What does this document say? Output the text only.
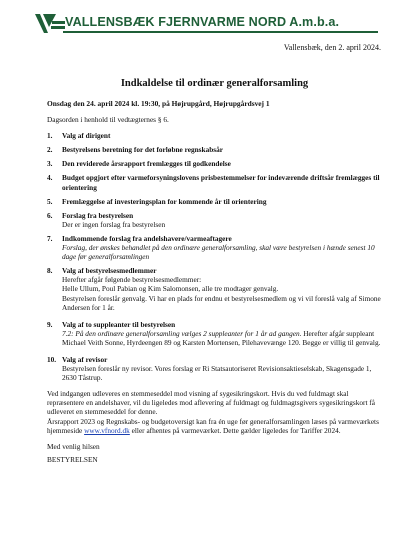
VALLENSBÆK FJERNVARME NORD A.m.b.a.
Vallensbæk, den 2. april 2024.
Indkaldelse til ordinær generalforsamling
Onsdag den 24. april 2024 kl. 19:30, på Højrupgård, Højrupgårdsvej 1
Dagsorden i henhold til vedtægternes § 6.
1. Valg af dirigent
2. Bestyrelsens beretning for det forløbne regnskabsår
3. Den reviderede årsrapport fremlægges til godkendelse
4. Budget opgjort efter varmeforsyningslovens prisbestemmelser for indeværende driftsår fremlægges til orientering
5. Fremlæggelse af investeringsplan for kommende år til orientering
6. Forslag fra bestyrelsen
Der er ingen forslag fra bestyrelsen
7. Indkommende forslag fra andelshavere/varmeaftagere
Forslag, der ønskes behandlet på den ordinære generalforsamling, skal være bestyrelsen i hænde senest 10 dage før generalforsamlingen
8. Valg af bestyrelsesmedlemmer
Herefter afgår følgende bestyrelsesmedlemmer:
Helle Ullum, Poul Pabian og Kim Salomonsen, alle tre modtager genvalg.
Bestyrelsen foreslår genvalg. Vi har en plads for endnu et bestyrelsesmedlem og vi vil foreslå valg af Simone Andersen for 1 år.
9. Valg af to suppleanter til bestyrelsen
7.2: På den ordinære generalforsamling vælges 2 suppleanter for 1 år ad gangen. Herefter afgår suppleant Michael Veith Sonne, Hyrdeengen 89 og Karsten Mortensen, Pilehavevænge 120. Begge er villig til genvalg.
10. Valg af revisor
Bestyrelsen foreslår ny revisor. Vores forslag er Ri Statsautoriseret Revisionsaktieselskab, Skagensgade 1, 2630 Tåstrup.

Ved indgangen udleveres en stemmeseddel mod visning af sygesikringskort. Hvis du ved fuldmagt skal repræsentere en andelshaver, vil du ligeledes mod aflevering af fuldmagt og fuldmagtsgivers sygesikringskort få udleveret en stemmeseddel for denne.

Årsrapport 2023 og Regnskabs- og budgetoversigt kan fra én uge før generalforsamlingen læses på varmeværkets hjemmeside www.vfnord.dk eller afhentes på varmeværket. Dette gælder ligeledes for Tariffer 2024.

Med venlig hilsen
BESTYRELSEN
